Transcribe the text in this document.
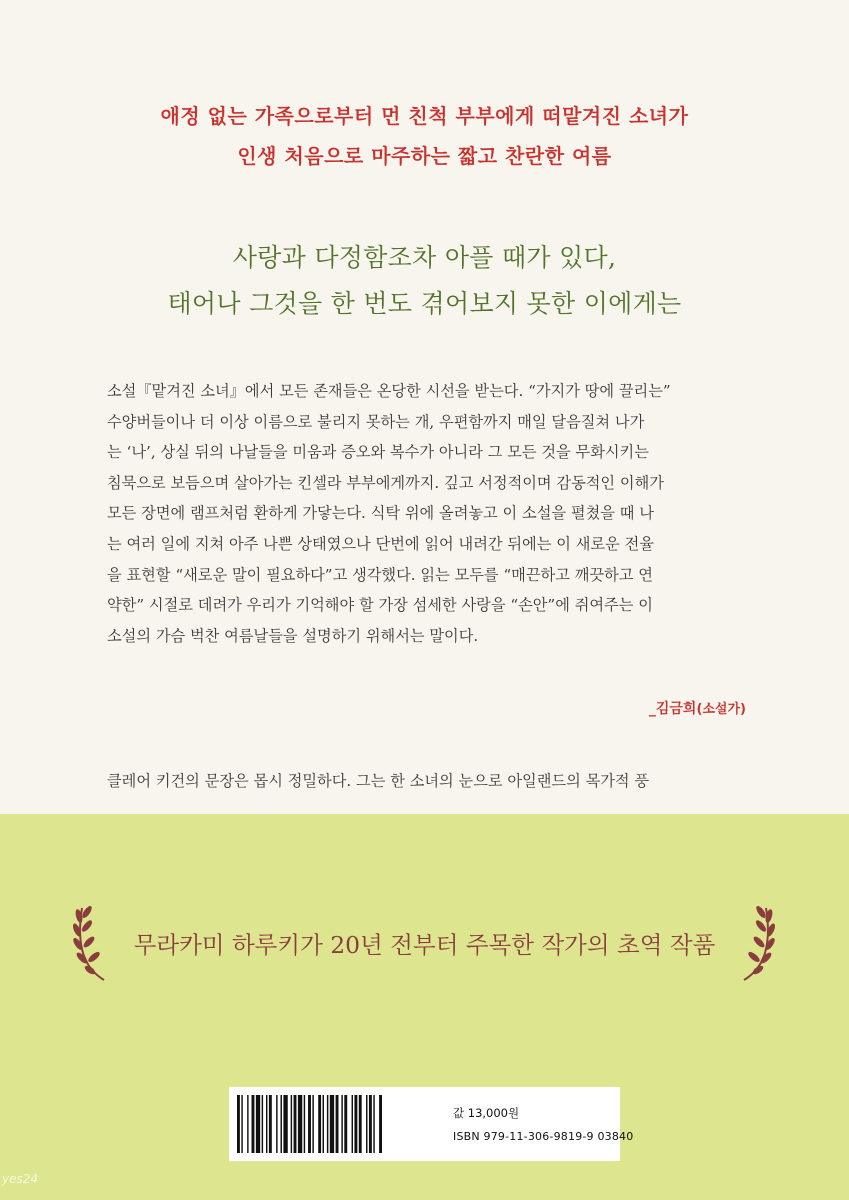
애정 없는 가족으로부터 먼 친척 부부에게 떠맡겨진 소녀가
인생 처음으로 마주하는 짧고 찬란한 여름
사랑과 다정함조차 아플 때가 있다,
태어나 그것을 한 번도 겪어보지 못한 이에게는
소설『맡겨진 소녀』에서 모든 존재들은 온당한 시선을 받는다. “가지가 땅에 끌리는”
수양버들이나 더 이상 이름으로 불리지 못하는 개, 우편함까지 매일 달음질쳐 나가
는 ‘나’, 상실 뒤의 나날들을 미움과 증오와 복수가 아니라 그 모든 것을 무화시키는
침묵으로 보듬으며 살아가는 킨셀라 부부에게까지. 깊고 서정적이며 감동적인 이해가
모든 장면에 램프처럼 환하게 가닿는다. 식탁 위에 올려놓고 이 소설을 펼쳤을 때 나
는 여러 일에 지쳐 아주 나쁜 상태였으나 단번에 읽어 내려간 뒤에는 이 새로운 전율
을 표현할 “새로운 말이 필요하다”고 생각했다. 읽는 모두를 “매끈하고 깨끗하고 연
약한” 시절로 데려가 우리가 기억해야 할 가장 섬세한 사랑을 “손안”에 쥐여주는 이
소설의 가슴 벅찬 여름날들을 설명하기 위해서는 말이다.
_김금희(소설가)
클레어 키건의 문장은 몹시 정밀하다. 그는 한 소녀의 눈으로 아일랜드의 목가적 풍
무라카미 하루키가 20년 전부터 주목한 작가의 초역 작품
값 13,000원
ISBN 979-11-306-9819-9 03840
yes24
